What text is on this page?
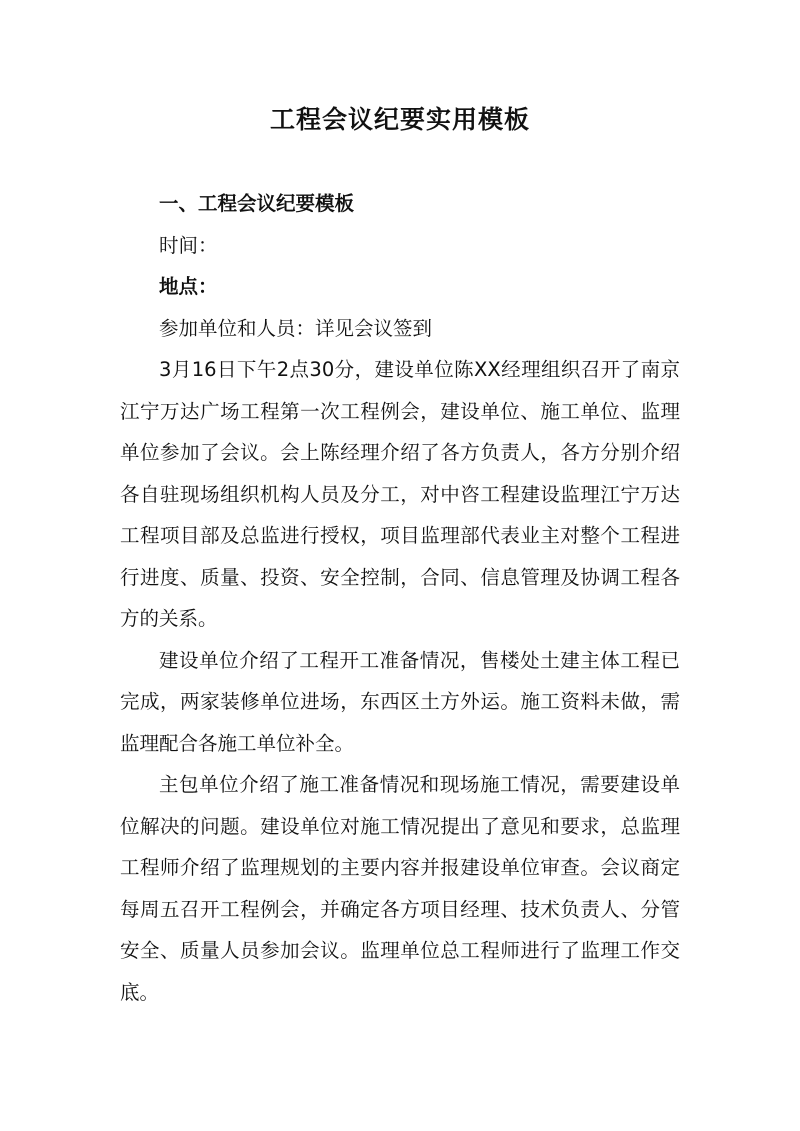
工程会议纪要实用模板

一、工程会议纪要模板

时间：

地点：

参加单位和人员：详见会议签到

3月16日下午2点30分，建设单位陈XX经理组织召开了南京江宁万达广场工程第一次工程例会，建设单位、施工单位、监理单位参加了会议。会上陈经理介绍了各方负责人，各方分别介绍各自驻现场组织机构人员及分工，对中咨工程建设监理江宁万达工程项目部及总监进行授权，项目监理部代表业主对整个工程进行进度、质量、投资、安全控制，合同、信息管理及协调工程各方的关系。

建设单位介绍了工程开工准备情况，售楼处土建主体工程已完成，两家装修单位进场，东西区土方外运。施工资料未做，需监理配合各施工单位补全。

主包单位介绍了施工准备情况和现场施工情况，需要建设单位解决的问题。建设单位对施工情况提出了意见和要求，总监理工程师介绍了监理规划的主要内容并报建设单位审查。会议商定每周五召开工程例会，并确定各方项目经理、技术负责人、分管安全、质量人员参加会议。监理单位总工程师进行了监理工作交底。
